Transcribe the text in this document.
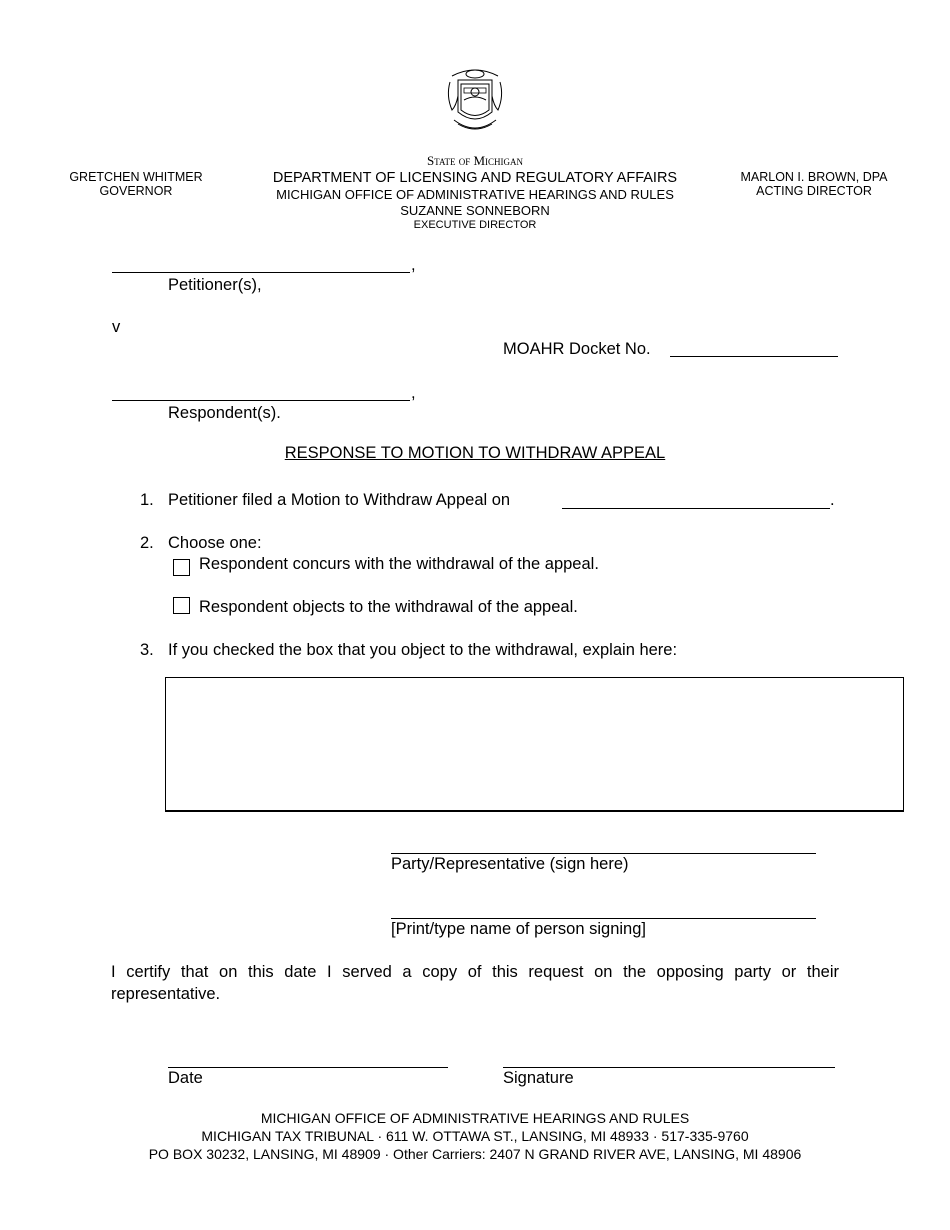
GRETCHEN WHITMER
GOVERNOR
MARLON I. BROWN, DPA
ACTING DIRECTOR
State of Michigan
DEPARTMENT OF LICENSING AND REGULATORY AFFAIRS
MICHIGAN OFFICE OF ADMINISTRATIVE HEARINGS AND RULES
SUZANNE SONNEBORN
EXECUTIVE DIRECTOR
,
Petitioner(s),
v
MOAHR Docket No.
,
Respondent(s).
RESPONSE TO MOTION TO WITHDRAW APPEAL
1. Petitioner filed a Motion to Withdraw Appeal on	.
2. Choose one:
Respondent concurs with the withdrawal of the appeal.
Respondent objects to the withdrawal of the appeal.
3. If you checked the box that you object to the withdrawal, explain here:
Party/Representative (sign here)
[Print/type name of person signing]
I certify that on this date I served a copy of this request on the opposing party or their representative.
Date	Signature
MICHIGAN OFFICE OF ADMINISTRATIVE HEARINGS AND RULES
MICHIGAN TAX TRIBUNAL · 611 W. OTTAWA ST., LANSING, MI 48933 · 517-335-9760
PO BOX 30232, LANSING, MI 48909 · Other Carriers: 2407 N GRAND RIVER AVE, LANSING, MI 48906
